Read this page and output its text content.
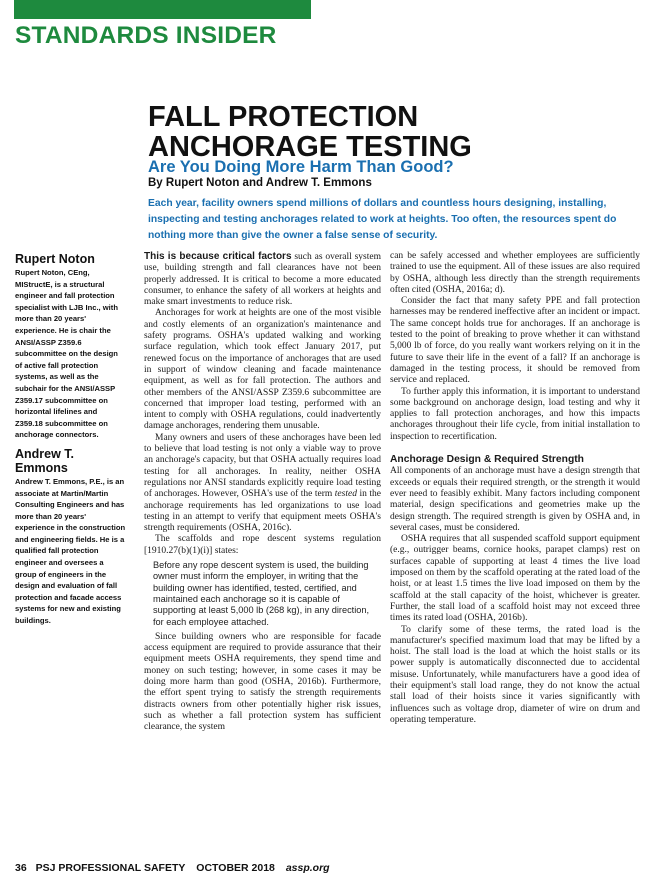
STANDARDS INSIDER
FALL PROTECTION
ANCHORAGE TESTING
Are You Doing More Harm Than Good?
By Rupert Noton and Andrew T. Emmons
Each year, facility owners spend millions of dollars and countless hours designing, installing, inspecting and testing anchorages related to work at heights. Too often, the resources spent do nothing more than give the owner a false sense of security.
Rupert Noton
Rupert Noton, CEng, MIStructE, is a structural engineer and fall protection specialist with LJB Inc., with more than 20 years' experience. He is chair the ANSI/ASSP Z359.6 subcommittee on the design of active fall protection systems, as well as the subchair for the ANSI/ASSP Z359.17 subcommittee on horizontal lifelines and Z359.18 subcommittee on anchorage connectors.
Andrew T. Emmons
Andrew T. Emmons, P.E., is an associate at Martin/Martin Consulting Engineers and has more than 20 years' experience in the construction and engineering fields. He is a qualified fall protection engineer and oversees a group of engineers in the design and evaluation of fall protection and facade access systems for new and existing buildings.

This is because critical factors such as overall system use, building strength and fall clearances have not been properly addressed. It is critical to become a more educated consumer, to enhance the safety of all workers at heights and make smart investments to reduce risk.

Anchorages for work at heights are one of the most visible and costly elements of an organization's maintenance and safety programs. OSHA's updated walking and working surface regulation, which took effect January 2017, put renewed focus on the importance of anchorages that are used in support of window cleaning and facade maintenance equipment, as well as for fall protection. The authors and other members of the ANSI/ASSP Z359.6 subcommittee are concerned that improper load testing, performed with an intent to comply with OSHA regulations, could inadvertently damage anchorages, rendering them unusable.

Many owners and users of these anchorages have been led to believe that load testing is not only a viable way to prove an anchorage's capacity, but that OSHA actually requires load testing for all anchorages. In reality, neither OSHA regulations nor ANSI standards explicitly require load testing of anchorages. However, OSHA's use of the term tested in the anchorage requirements has led organizations to use load testing in an attempt to verify that equipment meets OSHA's strength requirements (OSHA, 2016c).

The scaffolds and rope descent systems regulation [1910.27(b)(1)(i)] states:

Before any rope descent system is used, the building owner must inform the employer, in writing that the building owner has identified, tested, certified, and maintained each anchorage so it is capable of supporting at least 5,000 lb (268 kg), in any direction, for each employee attached.

Since building owners who are responsible for facade access equipment are required to provide assurance that their equipment meets OSHA requirements, they spend time and money on such testing; however, in some cases it may be doing more harm than good (OSHA, 2016b). Furthermore, the effort spent trying to satisfy the strength requirements distracts owners from other potentially higher risk issues, such as whether a fall protection system has sufficient clearance, the system

can be safely accessed and whether employees are sufficiently trained to use the equipment. All of these issues are also required by OSHA, although less directly than the strength requirements often cited (OSHA, 2016a; d).

Consider the fact that many safety PPE and fall protection harnesses may be rendered ineffective after an incident or impact. The same concept holds true for anchorages. If an anchorage is tested to the point of breaking to prove whether it can withstand 5,000 lb of force, do you really want workers relying on it in the future to save their life in the event of a fall? If an anchorage is damaged in the testing process, it should be removed from service and replaced.

To further apply this information, it is important to understand some background on anchorage design, load testing and why it applies to fall protection anchorages, and how this impacts anchorages throughout their life cycle, from initial installation to inspection to recertification.

Anchorage Design & Required Strength

All components of an anchorage must have a design strength that exceeds or equals their required strength, or the strength it would ever need to feasibly exhibit. Many factors including component material, design specifications and geometries make up the design strength. The required strength is given by OSHA and, in several cases, must be considered.

OSHA requires that all suspended scaffold support equipment (e.g., outrigger beams, cornice hooks, parapet clamps) rest on surfaces capable of supporting at least 4 times the live load imposed on them by the scaffold operating at the rated load of the hoist, or at least 1.5 times the live load imposed on them by the scaffold at the stall capacity of the hoist, whichever is greater. Further, the stall load of a scaffold hoist may not exceed three times its rated load (OSHA, 2016b).

To clarify some of these terms, the rated load is the manufacturer's specified maximum load that may be lifted by a hoist. The stall load is the load at which the hoist stalls or its power supply is automatically disconnected due to accidental misuse. Unfortunately, while manufacturers have a good idea of their equipment's stall load range, they do not know the actual stall load of their hoists since it varies significantly with influences such as voltage drop, diameter of wire on drum and operating temperature.

36 PSJ PROFESSIONAL SAFETY OCTOBER 2018 assp.org
